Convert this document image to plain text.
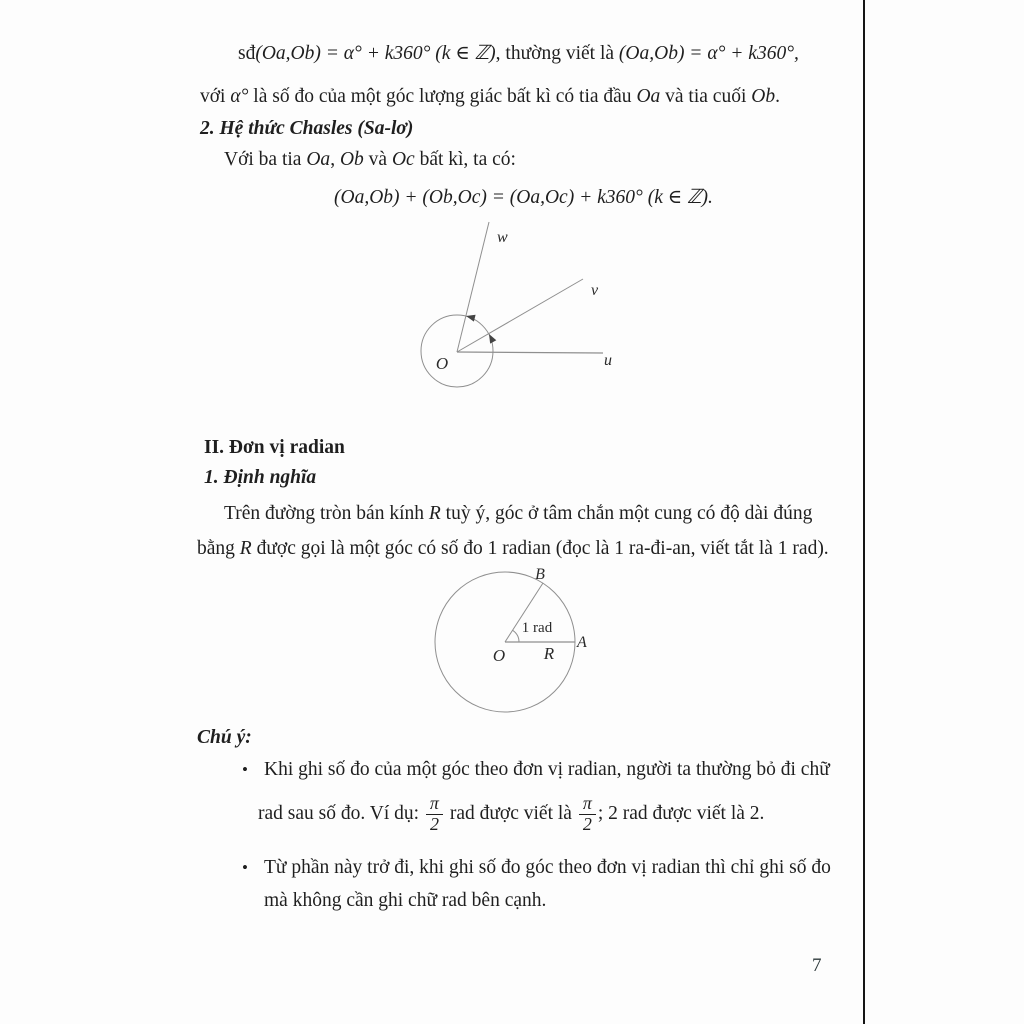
sđ(Oa,Ob) = α° + k360° (k ∈ ℤ), thường viết là (Oa,Ob) = α° + k360°,
với α° là số đo của một góc lượng giác bất kì có tia đầu Oa và tia cuối Ob.
2. Hệ thức Chasles (Sa-lơ)
Với ba tia Oa, Ob và Oc bất kì, ta có:
(Oa,Ob) + (Ob,Oc) = (Oa,Oc) + k360° (k ∈ ℤ).
O	u
v
w
II. Đơn vị radian
1. Định nghĩa
Trên đường tròn bán kính R tuỳ ý, góc ở tâm chắn một cung có độ dài đúng
bằng R được gọi là một góc có số đo 1 radian (đọc là 1 ra-đi-an, viết tắt là 1 rad).
O R
A
B
1 rad
Chú ý:
• Khi ghi số đo của một góc theo đơn vị radian, người ta thường bỏ đi chữ
rad sau số đo. Ví dụ: $\frac{\pi}{2}$ rad được viết là $\frac{\pi}{2}$ ; 2 rad được viết là 2.
• Từ phần này trở đi, khi ghi số đo góc theo đơn vị radian thì chỉ ghi số đo
mà không cần ghi chữ rad bên cạnh.
7
